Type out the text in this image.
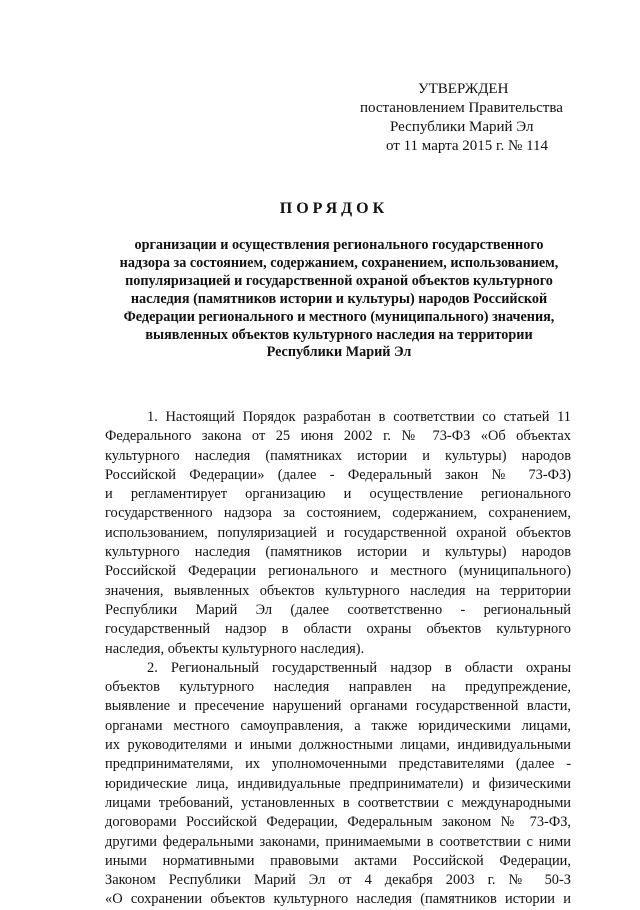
УТВЕРЖДЕН
постановлением Правительства
Республики Марий Эл
от 11 марта 2015 г. № 114
ПОРЯДОК
организации и осуществления регионального государственного
надзора за состоянием, содержанием, сохранением, использованием,
популяризацией и государственной охраной объектов культурного
наследия (памятников истории и культуры) народов Российской
Федерации регионального и местного (муниципального) значения,
выявленных объектов культурного наследия на территории
Республики Марий Эл
1. Настоящий Порядок разработан в соответствии со статьей 11
Федерального закона от 25 июня 2002 г. № 73-ФЗ «Об объектах
культурного наследия (памятниках истории и культуры) народов
Российской Федерации» (далее - Федеральный закон № 73-ФЗ)
и регламентирует организацию и осуществление регионального
государственного надзора за состоянием, содержанием, сохранением,
использованием, популяризацией и государственной охраной объектов
культурного наследия (памятников истории и культуры) народов
Российской Федерации регионального и местного (муниципального)
значения, выявленных объектов культурного наследия на территории
Республики Марий Эл (далее соответственно - региональный
государственный надзор в области охраны объектов культурного
наследия, объекты культурного наследия).
2. Региональный государственный надзор в области охраны
объектов культурного наследия направлен на предупреждение,
выявление и пресечение нарушений органами государственной власти,
органами местного самоуправления, а также юридическими лицами,
их руководителями и иными должностными лицами, индивидуальными
предпринимателями, их уполномоченными представителями (далее -
юридические лица, индивидуальные предприниматели) и физическими
лицами требований, установленных в соответствии с международными
договорами Российской Федерации, Федеральным законом № 73-ФЗ,
другими федеральными законами, принимаемыми в соответствии с ними
иными нормативными правовыми актами Российской Федерации,
Законом Республики Марий Эл от 4 декабря 2003 г. № 50-З
«О сохранении объектов культурного наследия (памятников истории и
